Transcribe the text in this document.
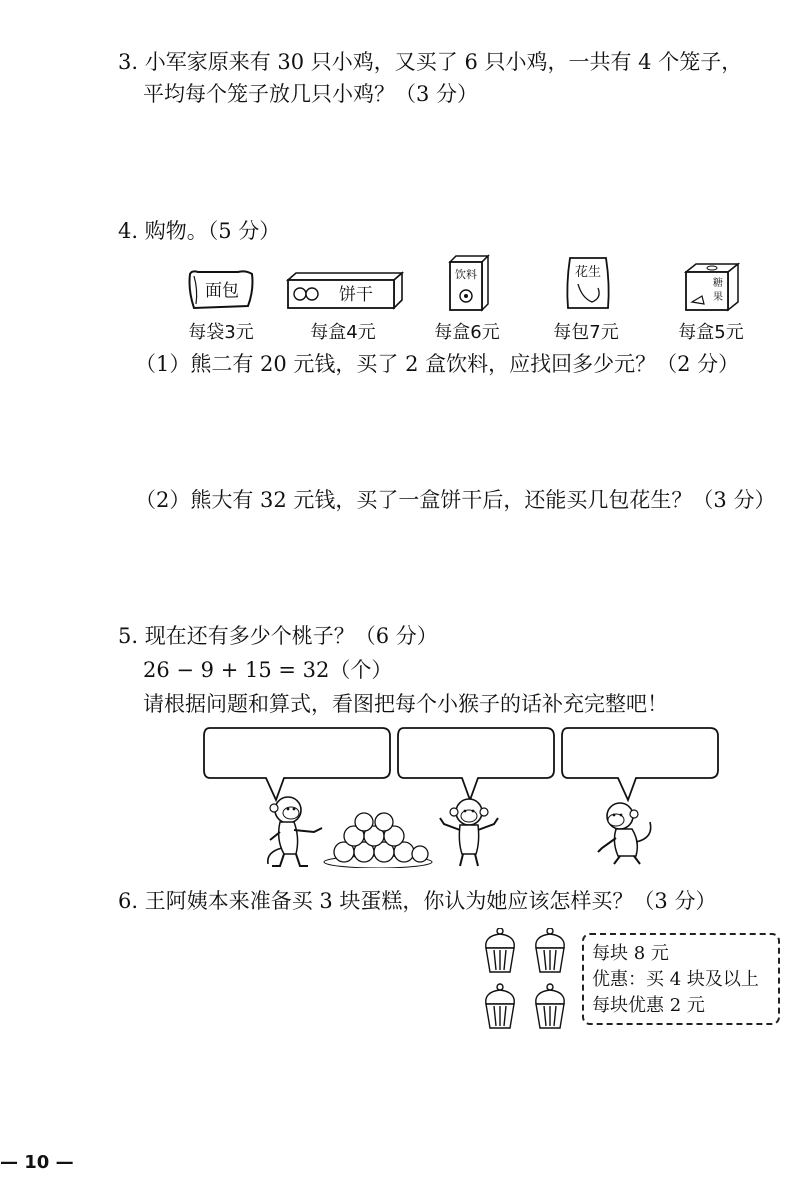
3. 小军家原来有 30 只小鸡，又买了 6 只小鸡，一共有 4 个笼子，
平均每个笼子放几只小鸡？（3 分）
4. 购物。（5 分）
面包	饼干
饮料	花生
糖
果
每袋3元	每盒4元	每盒6元	每包7元	每盒5元
（1）熊二有 20 元钱，买了 2 盒饮料，应找回多少元？（2 分）
（2）熊大有 32 元钱，买了一盒饼干后，还能买几包花生？（3 分）
5. 现在还有多少个桃子？（6 分）
26 − 9 + 15 = 32（个）
请根据问题和算式，看图把每个小猴子的话补充完整吧！
6. 王阿姨本来准备买 3 块蛋糕，你认为她应该怎样买？（3 分）
每块 8 元
优惠：买 4 块及以上
每块优惠 2 元
— 10 —
